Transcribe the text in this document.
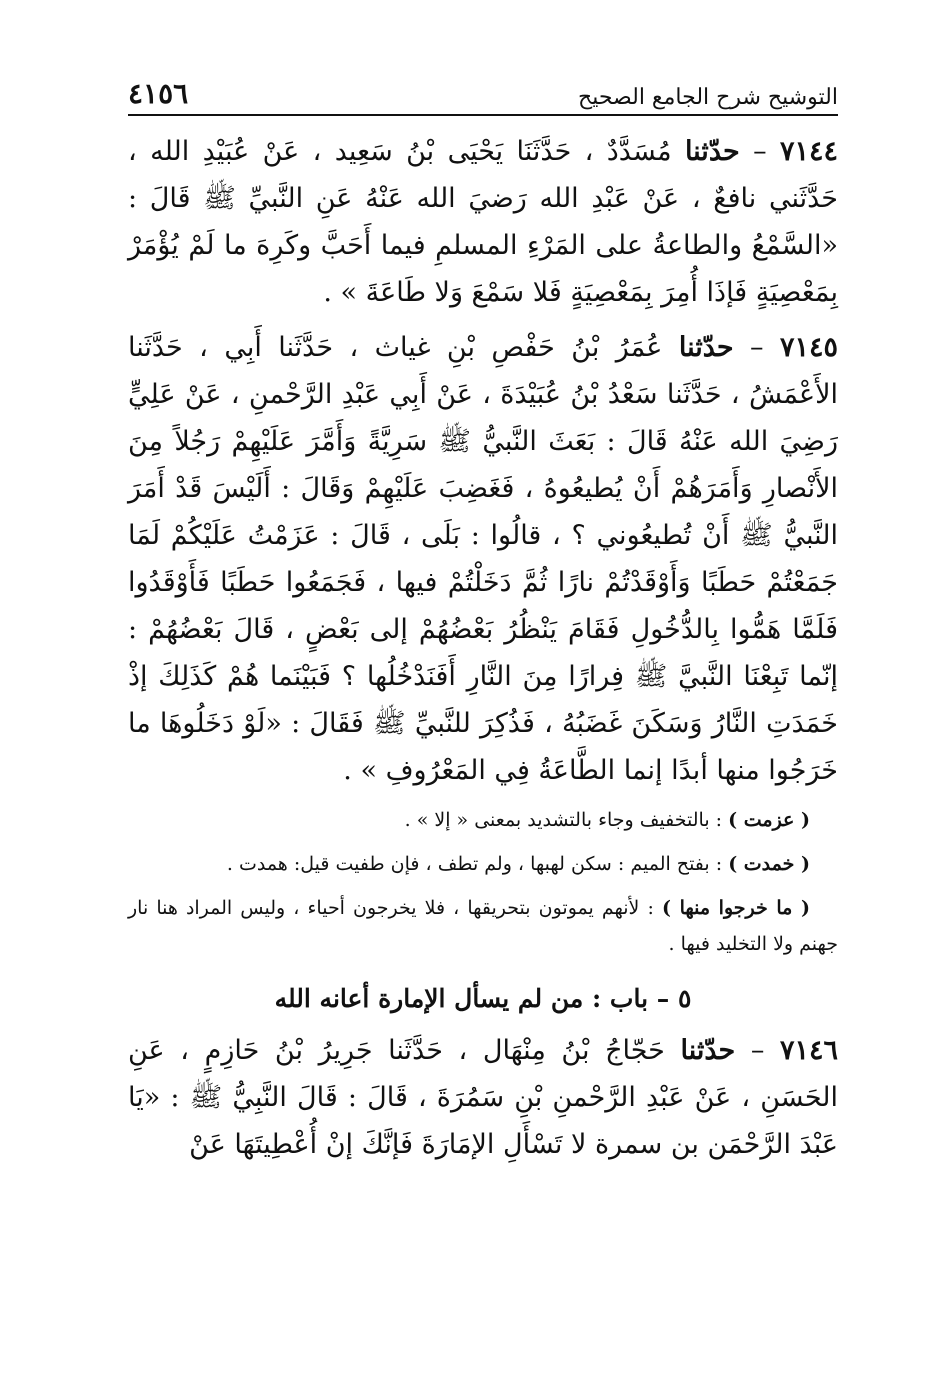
التوشيح شرح الجامع الصحيح
٤١٥٦

٧١٤٤ – حدّثنا مُسَدَّدٌ ، حَدَّثَنَا يَحْيَى بْنُ سَعِيد ، عَنْ عُبَيْدِ الله ، حَدَّثَني نافعٌ ، عَنْ عَبْدِ الله رَضيَ الله عَنْهُ عَنِ النَّبيِّ ﷺ قَالَ : «السَّمْعُ والطاعةُ على المَرْءِ المسلمِ فيما أَحَبَّ وكَرِهَ ما لَمْ يُؤْمَرْ بِمَعْصِيَةٍ فَإذَا أُمِرَ بِمَعْصِيَةٍ فَلا سَمْعَ وَلا طَاعَةَ » .

٧١٤٥ – حدّثنا عُمَرُ بْنُ حَفْصِ بْنِ غياث ، حَدَّثَنا أَبِي ، حَدَّثَنا الأَعْمَشُ ، حَدَّثَنا سَعْدُ بْنُ عُبَيْدَةَ ، عَنْ أَبِي عَبْدِ الرَّحْمنِ ، عَنْ عَلِيٍّ رَضِيَ الله عَنْهُ قَالَ : بَعَثَ النَّبيُّ ﷺ سَرِيَّةً وَأَمَّرَ عَلَيْهِمْ رَجُلاً مِنَ الأَنْصارِ وَأَمَرَهُمْ أَنْ يُطيعُوهُ ، فَغَضِبَ عَلَيْهِمْ وَقَالَ : أَلَيْسَ قَدْ أَمَرَ النَّبيُّ ﷺ أَنْ تُطيعُوني ؟ ، قالُوا : بَلَى ، قَالَ : عَزَمْتُ عَلَيْكُمْ لَمَا جَمَعْتُمْ حَطَبًا وَأَوْقَدْتُمْ نارًا ثُمَّ دَخَلْتُمْ فيها ، فَجَمَعُوا حَطَبًا فَأَوْقَدُوا فَلَمَّا هَمُّوا بِالدُّخُولِ فَقَامَ يَنْظُرُ بَعْضُهُمْ إلى بَعْضٍ ، قَالَ بَعْضُهُمْ : إنّما تَبِعْنَا النَّبيَّ ﷺ فِرارًا مِنَ النَّارِ أَفَنَدْخُلُها ؟ فَبَيْنَما هُمْ كَذَلِكَ إذْ خَمَدَتِ النَّارُ وَسَكَنَ غَضَبُهُ ، فَذُكِرَ للنَّبيِّ ﷺ فَقَالَ : «لَوْ دَخَلُوهَا ما خَرَجُوا منها أبدًا إنما الطَّاعَةُ فِي المَعْرُوفِ » .

( عزمت ) : بالتخفيف وجاء بالتشديد بمعنى « إلا » .

( خمدت ) : بفتح الميم : سكن لهبها ، ولم تطف ، فإن طفيت قيل: همدت .

( ما خرجوا منها ) : لأنهم يموتون بتحريقها ، فلا يخرجون أحياء ، وليس المراد هنا نار جهنم ولا التخليد فيها .

٥ – باب : من لم يسأل الإمارة أعانه الله

٧١٤٦ – حدّثنا حَجّاجُ بْنُ مِنْهَال ، حَدَّثَنا جَرِيرُ بْنُ حَازِمٍ ، عَنِ الحَسَنِ ، عَنْ عَبْدِ الرَّحْمنِ بْنِ سَمُرَةَ ، قَالَ : قَالَ النَّبِيُّ ﷺ : «يَا عَبْدَ الرَّحْمَن بن سمرة لا تَسْأَلِ الإمَارَةَ فَإنَّكَ إنْ أُعْطِيتَهَا عَنْ
